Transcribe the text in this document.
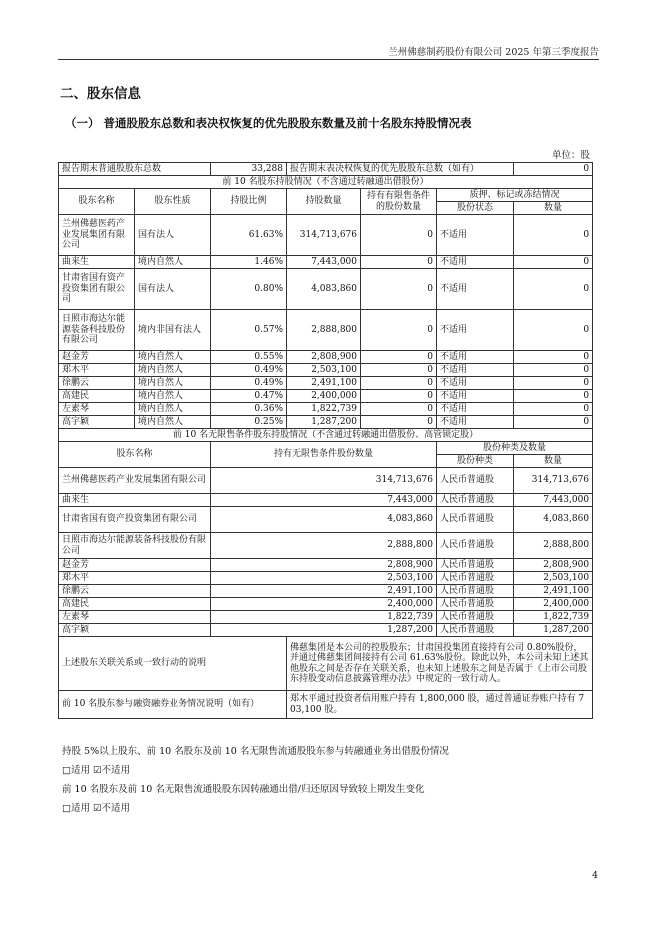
兰州佛慈制药股份有限公司 2025 年第三季度报告
二、股东信息
（一） 普通股股东总数和表决权恢复的优先股股东数量及前十名股东持股情况表
单位：股
报告期末普通股股东总数		33,288	报告期末表决权恢复的优先股股东总数（如有）			0
前 10 名股东持股情况（不含通过转融通出借股份）						
股东名称	股东性质	持股比例	持股数量	持有有限售条件的股份数量	质押、标记或冻结情况	
					股份状态	数量
兰州佛慈医药产业发展集团有限公司	国有法人	61.63%	314,713,676	0	不适用	0
曲来生	境内自然人	1.46%	7,443,000	0	不适用	0
甘肃省国有资产投资集团有限公司	国有法人	0.80%	4,083,860	0	不适用	0
日照市海达尔能源装备科技股份有限公司	境内非国有法人	0.57%	2,888,800	0	不适用	0
赵金芳	境内自然人	0.55%	2,808,900	0	不适用	0
郑木平	境内自然人	0.49%	2,503,100	0	不适用	0
徐鹏云	境内自然人	0.49%	2,491,100	0	不适用	0
高建民	境内自然人	0.47%	2,400,000	0	不适用	0
左素琴	境内自然人	0.36%	1,822,739	0	不适用	0
高宇颖	境内自然人	0.25%	1,287,200	0	不适用	0
前 10 名无限售条件股东持股情况（不含通过转融通出借股份、高管锁定股）						
股东名称		持有无限售条件股份数量			股份种类及数量	
					股份种类	数量
兰州佛慈医药产业发展集团有限公司		314,713,676			人民币普通股	314,713,676
曲来生		7,443,000			人民币普通股	7,443,000
甘肃省国有资产投资集团有限公司		4,083,860			人民币普通股	4,083,860
日照市海达尔能源装备科技股份有限公司		2,888,800			人民币普通股	2,888,800
赵金芳		2,808,900			人民币普通股	2,808,900
郑木平		2,503,100			人民币普通股	2,503,100
徐鹏云		2,491,100			人民币普通股	2,491,100
高建民		2,400,000			人民币普通股	2,400,000
左素琴		1,822,739			人民币普通股	1,822,739
高宇颖		1,287,200			人民币普通股	1,287,200
上述股东关联关系或一致行动的说明			佛慈集团是本公司的控股股东；甘肃国投集团直接持有公司 0.80%股份，并通过佛慈集团间接持有公司 61.63%股份。除此以外，本公司未知上述其他股东之间是否存在关联关系，也未知上述股东之间是否属于《上市公司股东持股变动信息披露管理办法》中规定的一致行动人。			
前 10 名股东参与融资融券业务情况说明（如有）			郑木平通过投资者信用账户持有 1,800,000 股，通过普通证券账户持有 703,100 股。			
持股 5%以上股东、前 10 名股东及前 10 名无限售流通股股东参与转融通业务出借股份情况
□适用 ☑不适用
前 10 名股东及前 10 名无限售流通股股东因转融通出借/归还原因导致较上期发生变化
□适用 ☑不适用
4
